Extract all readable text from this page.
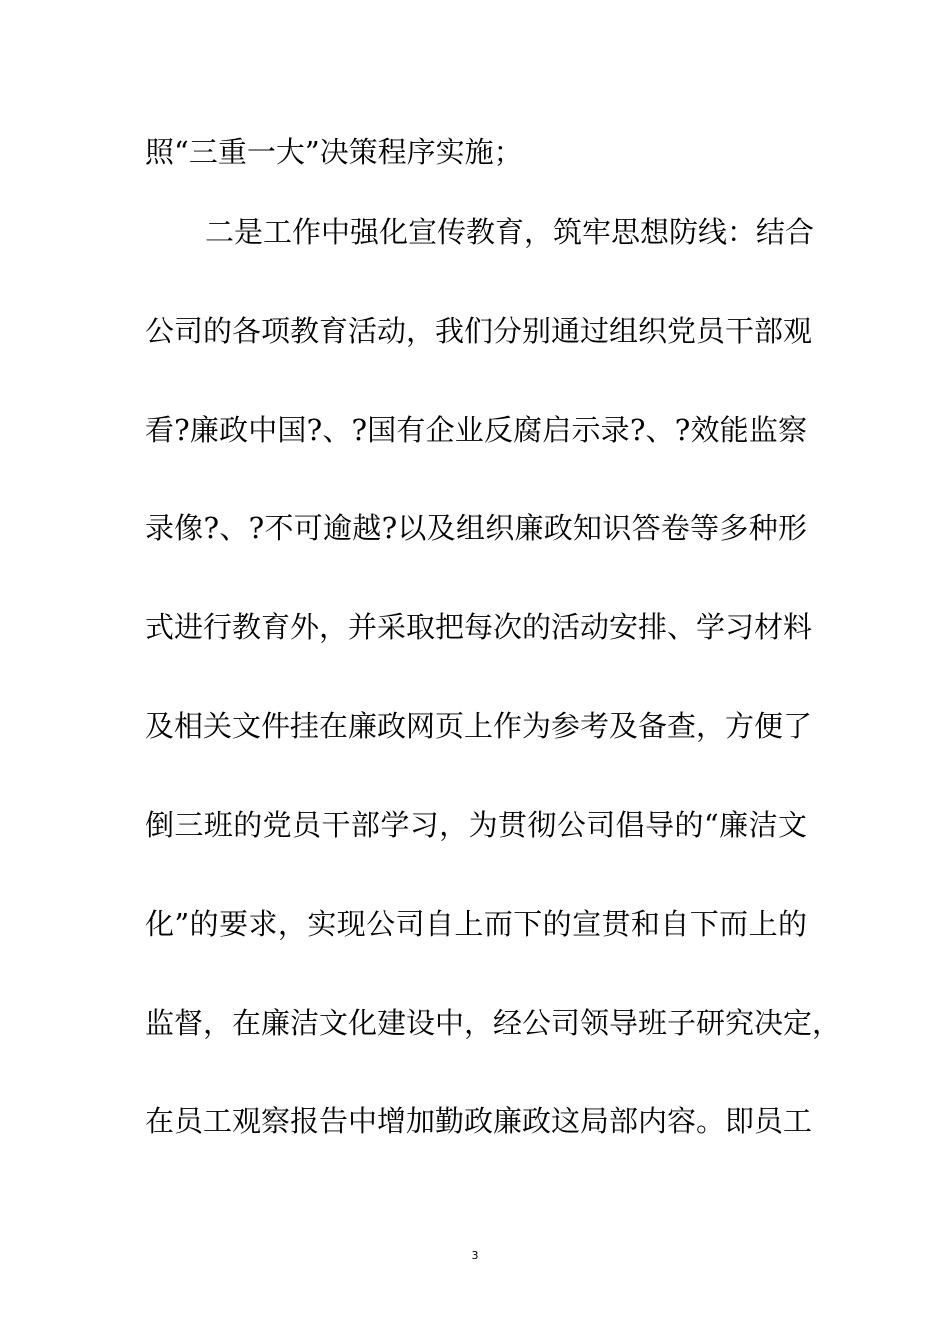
照“三重一大”决策程序实施；
二是工作中强化宣传教育，筑牢思想防线：结合
公司的各项教育活动，我们分别通过组织党员干部观
看?廉政中国?、?国有企业反腐启示录?、?效能监察
录像?、?不可逾越?以及组织廉政知识答卷等多种形
式进行教育外，并采取把每次的活动安排、学习材料
及相关文件挂在廉政网页上作为参考及备查，方便了
倒三班的党员干部学习，为贯彻公司倡导的“廉洁文
化”的要求，实现公司自上而下的宣贯和自下而上的
监督，在廉洁文化建设中，经公司领导班子研究决定，
在员工观察报告中增加勤政廉政这局部内容。即员工
3
